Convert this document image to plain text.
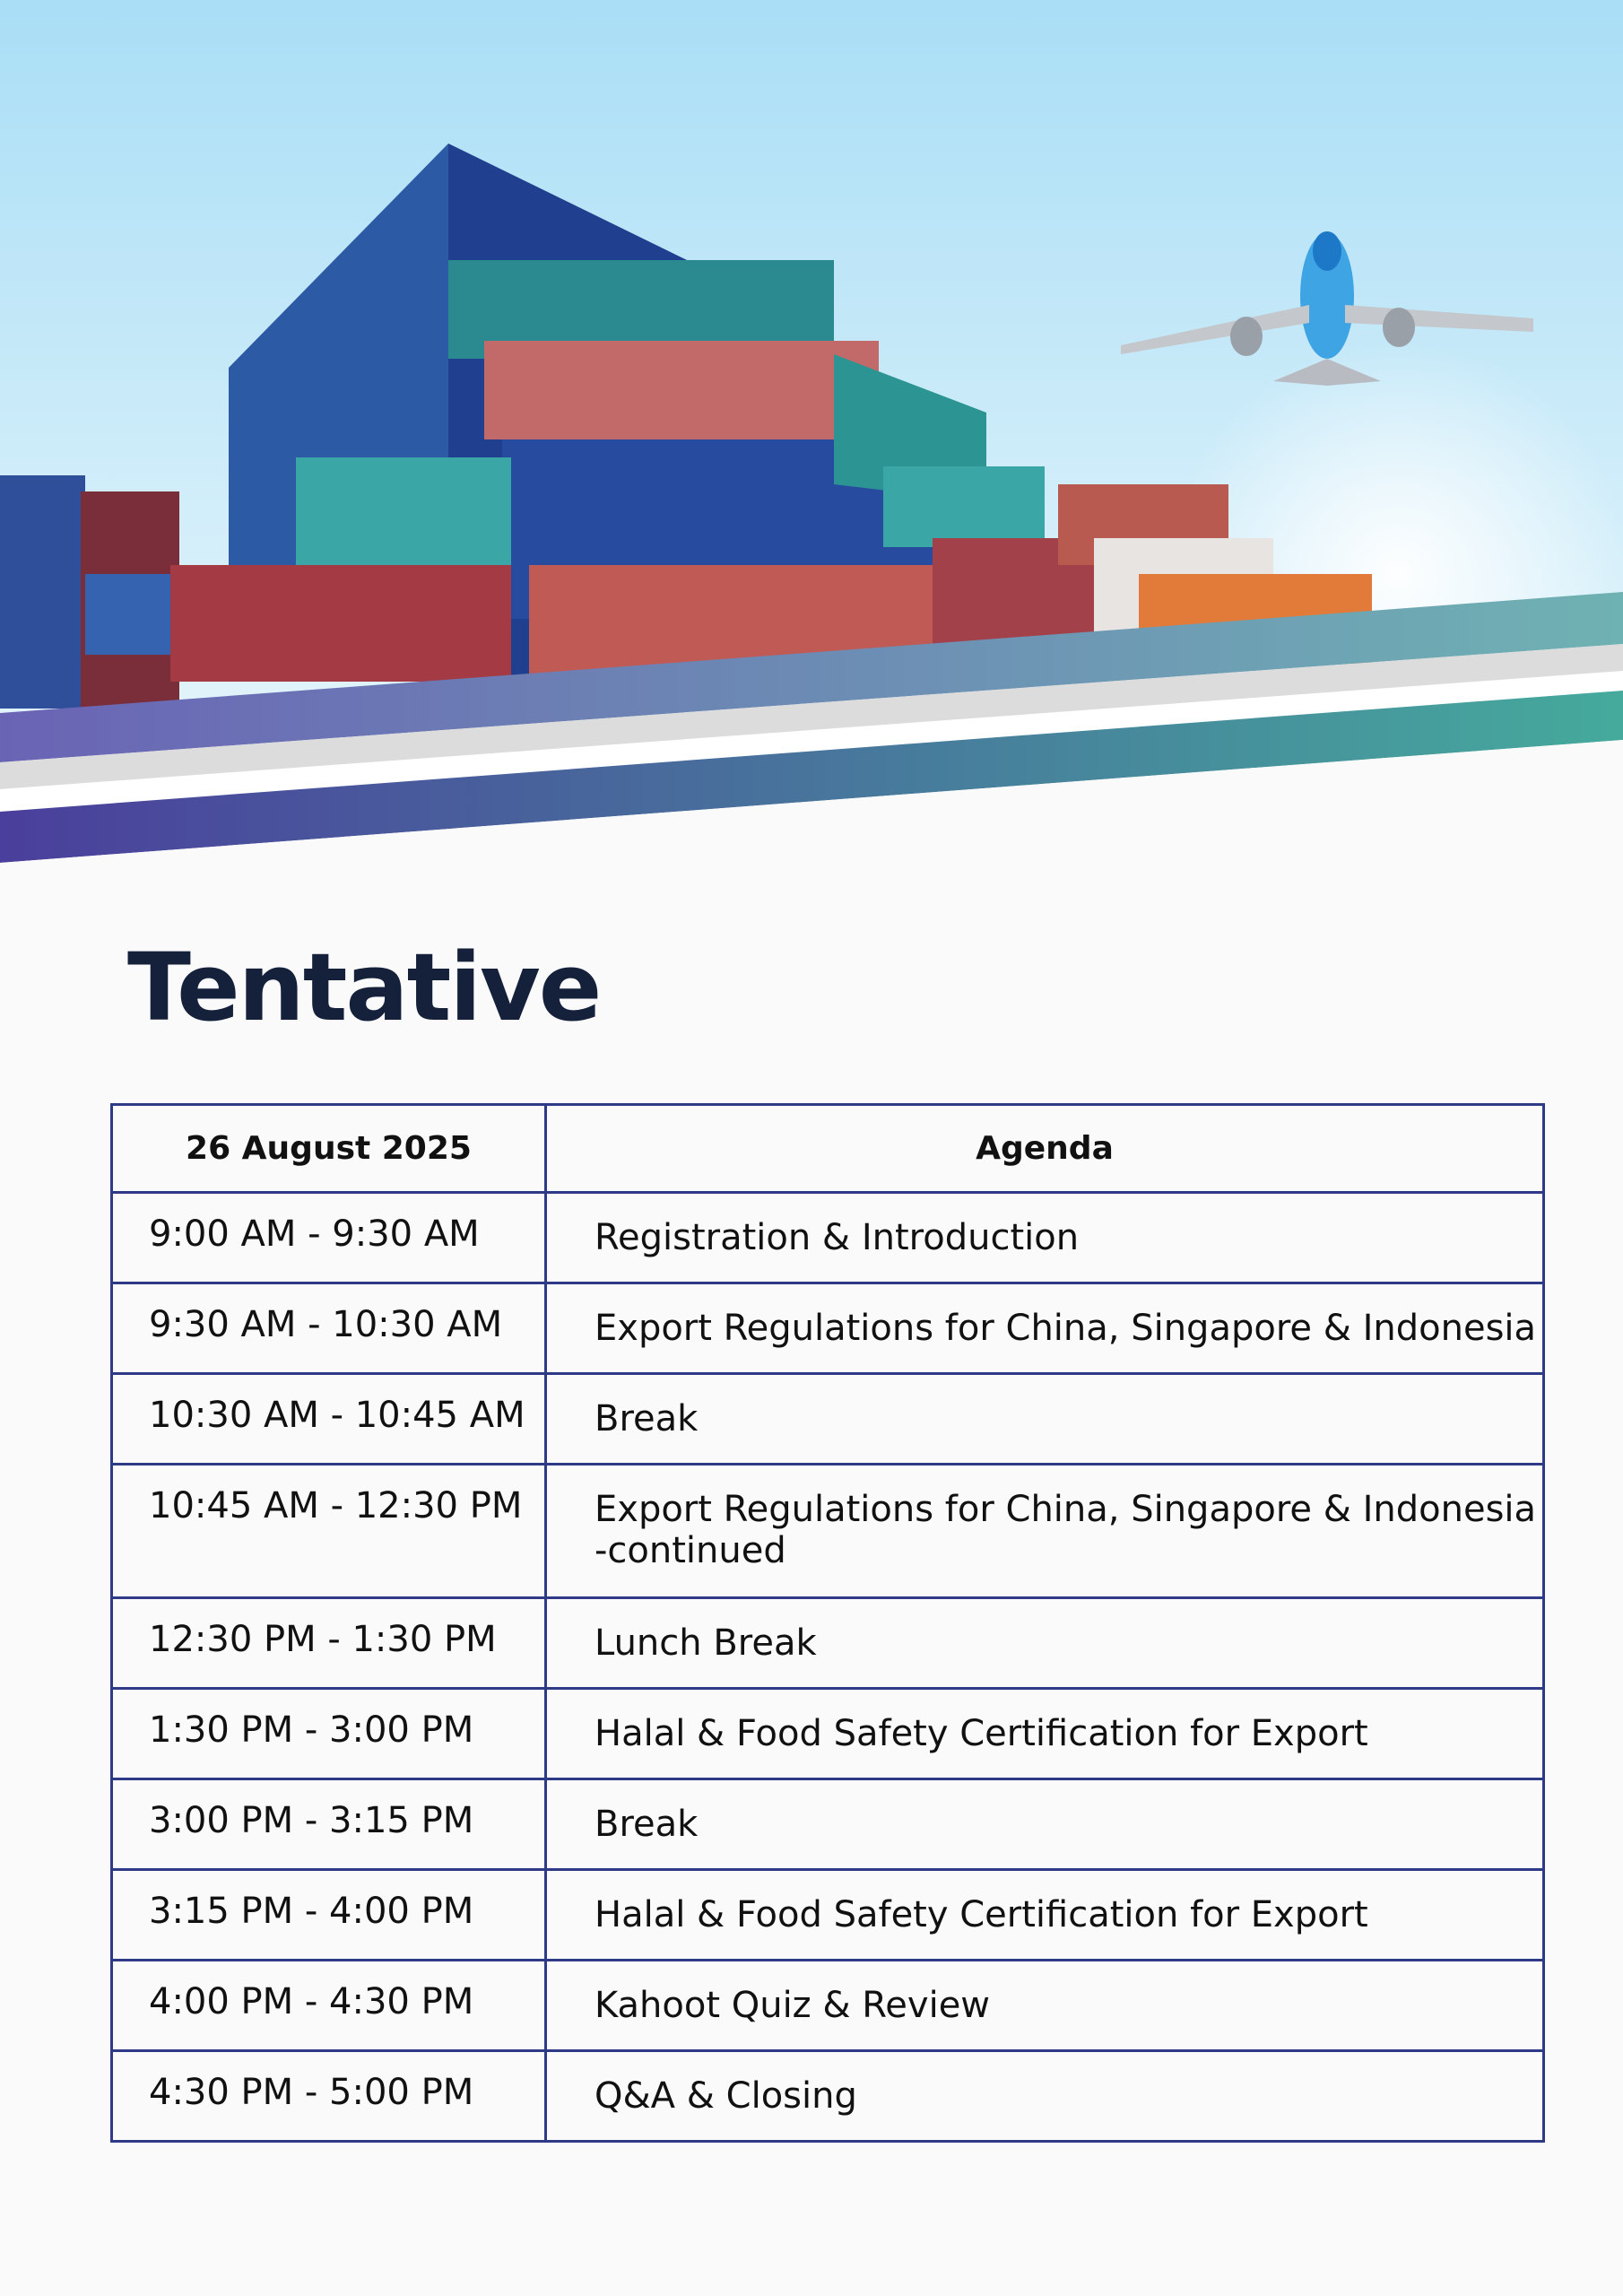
Tentative
26 August 2025	Agenda
9:00 AM - 9:30 AM	Registration & Introduction
9:30 AM - 10:30 AM	Export Regulations for China, Singapore & Indonesia
10:30 AM - 10:45 AM	Break
10:45 AM - 12:30 PM	Export Regulations for China, Singapore & Indonesia
-continued

12:30 PM - 1:30 PM	Lunch Break
1:30 PM - 3:00 PM	Halal & Food Safety Certification for Export
3:00 PM - 3:15 PM	Break
3:15 PM - 4:00 PM	Halal & Food Safety Certification for Export
4:00 PM - 4:30 PM	Kahoot Quiz & Review
4:30 PM - 5:00 PM	Q&A & Closing
